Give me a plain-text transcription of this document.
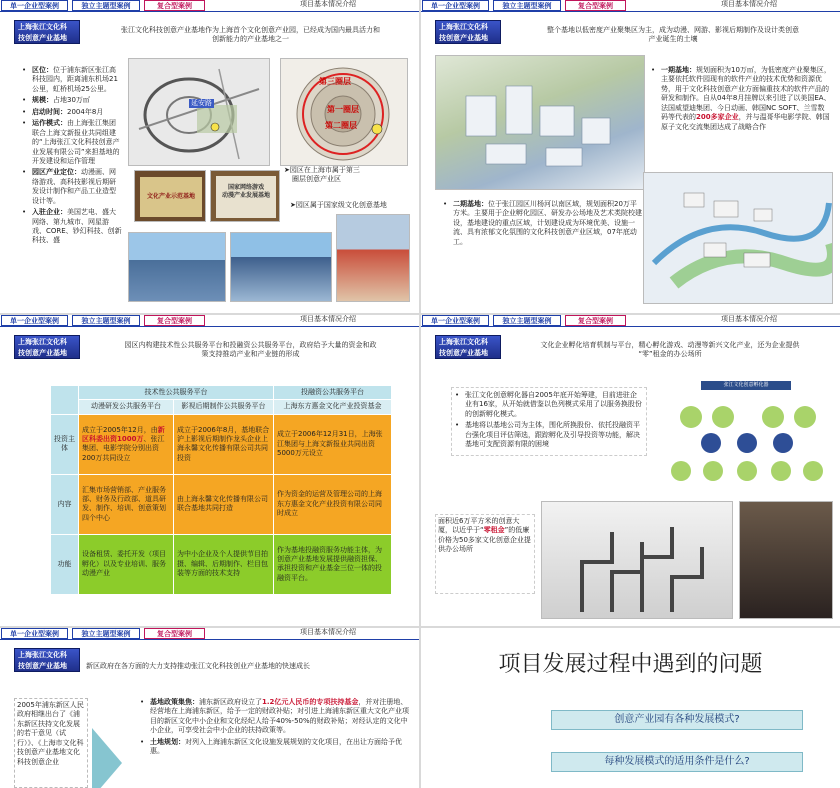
单一企业型案例	独立主题型案例	复合型案例	项目基本情况介绍
上海张江文化科
技创意产业基地
张江文化科技创意产业基地作为上海首个文化创意产业园，已经成为国内最具活力和
创新能力的产业基地之一
• 区位：位于浦东新区张江高科技园内，距离浦东机场21公里，虹桥机场25公里。
• 规模：占地30万㎡
• 启动时间：2004年8月
• 运作模式：由上海张江集团联合上海文新报业共同组建的“上海张江文化科技创意产业发展有限公司”来担基地的开发建设和运作管理
• 园区产业定位：动漫画、网络游戏、高科技影视后期研发设计制作和产品工业造型设计等。
• 入驻企业：美国艺电、盛大网络、第九城市、网星游戏、CORE、钞幻科技、创新科技、盛
延安路
第三圈层
第一圈层
第二圈层
文化产业示范基地
国家网络游戏
动漫产业发展基地
➤园区在上海市属于第三
圈层创意产业区
➤园区属于国家级文化创意基地
单一企业型案例	独立主题型案例	复合型案例	项目基本情况介绍
上海张江文化科
技创意产业基地
整个基地以低密度产业聚集区为主，成为动漫、网游、影视后期制作及设计类创意
产业诞生的土壤
• 一期基地：规划面积为10万㎡，为低密度产业聚集区，主要依托软件园现有的软件产业的技术优势和资源优势，用于文化科技创意产业方面偏重技术的软件产品的研发和制作。自从04年8月挂牌以来引进了以美国EA、法国威望迪集团、今日动画、韩国NC SOFT、兰雪数码等代表的200多家企业，并与温哥华电影学院、韩国原子文化交流集团达成了战略合作
• 二期基地：位于张江园区川杨河以南区域，规划面积20万平方米。主要用于企业孵化园区、研发办公场地及艺术类院校建设，基地建设的重点区域，计划建设成为环境优美、设施一流、具有浓郁文化氛围的文化科技创意产业区域，07年底动工。
单一企业型案例	独立主题型案例	复合型案例	项目基本情况介绍
上海张江文化科
技创意产业基地
园区内构建技术性公共服务平台和投融资公共服务平台，政府给予大量的资金和政
策支持推动产业和产业链的形成
	技术性公共服务平台		投融资公共服务平台
	动漫研发公共服务平台	影视后期制作公共服务平台	上海东方惠金文化产业投资基金
投资主体	成立于2005年12月，由新区科委出资1000万、张江集团、电影学院分别出资200万共同设立	成立于2006年8月，基地联合沪上影视后期制作龙头企业上海永馨文化传播有限公司共同投资	成立于2006年12月31日，上海张江集团与上海文新报业共同出资5000万元设立
内容	汇集市场营销部、产业服务部、财务及行政部、道具研发、制作、培训、创意策划四个中心	由上海永馨文化传播有限公司联合基地共同打造	作为资金的运营及管理公司的上海东方惠金文化产业投资有限公司同时成立
功能	设备租赁、委托开发（项目孵化）以及专业培训、服务动漫产业	为中小企业及个人提供节目拍摄、编辑、后期制作、栏目包装等方面的技术支持	作为基地投融资服务功能主体，为创意产业基地发展提供融资担保、承担投资和产业基金三位一体的投融资平台。
单一企业型案例	独立主题型案例	复合型案例	项目基本情况介绍
上海张江文化科
技创意产业基地
文化企业孵化培育机制与平台，精心孵化游戏、动漫等新兴文化产业，还为企业提供
“零”租金的办公场所
• 张江文化创意孵化器自2005年底开始筹建，目前进驻企业有16家，从开始就借鉴以色列模式采用了以服务换股份的创新孵化模式。
• 基地将以基地公司为主体，围化所换股份、依托投融资平台强化项目评估筛选，跟踪孵化及引导投资等功能，解决基地可支配资源有限的困境
张江文化创意孵化器
面积近6万平方米的创意大厦，以近乎于“零租金”的低廉价格为50多家文化创意企业提供办公场所
单一企业型案例	独立主题型案例	复合型案例	项目基本情况介绍
上海张江文化科
技创意产业基地	新区政府在各方面的大力支持推动张江文化科技创业产业基地的快速成长
2005年浦东新区人民政府相继出台了《浦东新区扶持文化发展的若干意见（试行）》、《上海市文化科技创意产业基地文化科技创意企业
• 基地政策集焦：浦东新区政府设立了1.2亿元人民币的专项扶持基金，并对注册地、经营地在上海浦东新区，给予一定的财政补贴；对引进上海浦东新区重大文化产业项目的新区文化中小企业和文化经纪人给予40%-50%的财政补贴；对经认定的文化中小企业，可享受社会中小企业的扶持政策等。
• 土地规划：对列入上海浦东新区文化设施发展规划的文化项目，在出让方面给予优惠。
项目发展过程中遇到的问题
创意产业园有各种发展模式?
每种发展模式的适用条件是什么?
